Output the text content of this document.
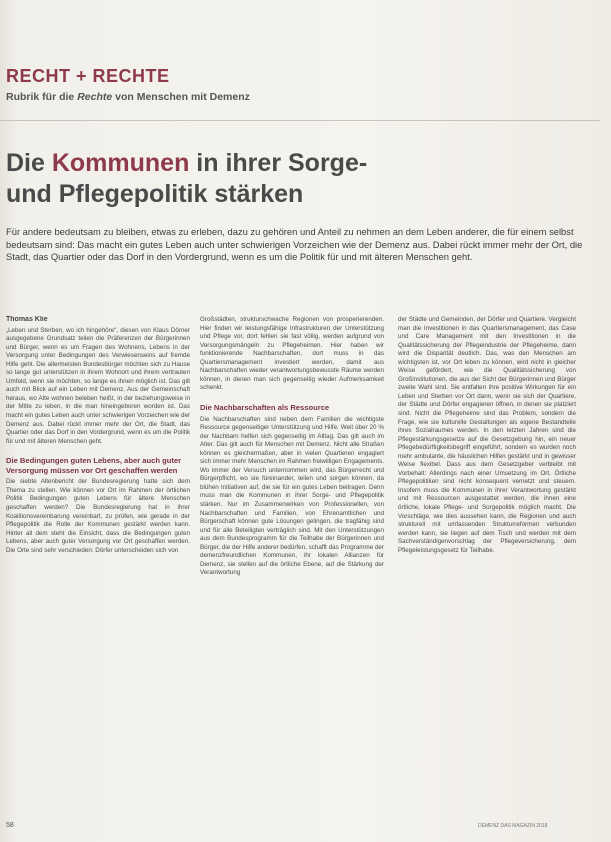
RECHT + RECHTE
Rubrik für die Rechte von Menschen mit Demenz
Die Kommunen in ihrer Sorge-
und Pflegepolitik stärken

Für andere bedeutsam zu bleiben, etwas zu erleben, dazu zu gehören und Anteil zu nehmen an dem Leben anderer, die für einem selbst bedeutsam sind: Das macht ein gutes Leben auch unter schwierigen Vorzeichen wie der Demenz aus. Dabei rückt immer mehr der Ort, die Stadt, das Quartier oder das Dorf in den Vordergrund, wenn es um die Politik für und mit älteren Menschen geht.

Thomas Klie

„Leben und Sterben, wo ich hingehöre“, diesen von Klaus Dörner ausgegebene Grundsatz teilen die Präferenzen der Bürgerinnen und Bürger, wenn es um Fragen des Wohnens, Lebens in der Versorgung unter Bedingungen des Verwiesenseins auf fremde Hilfe geht. Die allermeisten Bundesbürger möchten sich zu Hause so lange gut unterstützen in ihrem Wohnort und ihrem vertrauten Umfeld, wenn sie möchten, so lange es ihnen möglich ist. Das gilt auch mit Blick auf ein Leben mit Demenz. Aus der Gemeinschaft heraus, wo Alte wohnen beleben heißt, in der beziehungsweise in der Mitte zu leben, in die man hineingeboren worden ist. Das macht ein gutes Leben auch unter schwierigen Vorzeichen wie der Demenz aus. Dabei rückt immer mehr der Ort, die Stadt, das Quartier oder das Dorf in den Vordergrund, wenn es um die Politik für und mit älteren Menschen geht.

Die Bedingungen guten Lebens, aber auch guter Versorgung müssen vor Ort geschaffen werden

Die siebte Altenbericht der Bundesregierung hatte sich dem Thema zu stellen. Wie können vor Ort im Rahmen der örtlichen Politik Bedingungen guten Lebens für ältere Menschen geschaffen werden? Die Bundesregierung hat in ihrer Koalitionsvereinbarung vereinbart, zu prüfen, wie gerade in der Pflegepolitik die Rolle der Kommunen gestärkt werden kann. Hinter all dem steht die Einsicht, dass die Bedingungen guten Lebens, aber auch guter Versorgung vor Ort geschaffen werden. Die Orte sind sehr verschieden: Dörfer unterscheiden sich von

Großstädten, strukturschwache Regionen von prosperierenden. Hier finden wir leistungsfähige Infrastrukturen der Unterstützung und Pflege vor, dort fehlen sie fast völlig, werden aufgrund von Versorgungsmängeln zu Pflegeheimen. Hier haben wir funktionierende Nachbarschaften, dort muss in das Quartiersmanagement investiert werden, damit aus Nachbarschaften wieder verantwortungsbewusste Räume werden können, in denen man sich gegenseitig wieder Aufmerksamkeit schenkt.

Die Nachbarschaften als Ressource

Die Nachbarschaften sind neben dem Familien die wichtigste Ressource gegenseitiger Unterstützung und Hilfe. Weit über 20 % der Nachbarn helfen sich gegenseitig im Alltag. Das gilt auch im Alter. Das gilt auch für Menschen mit Demenz. Nicht alle Straßen können es gleichermaßen, aber in vielen Quartieren engagiert sich immer mehr Menschen im Rahmen freiwilligen Engagements. Wo immer der Versuch unternommen wird, das Bürgerrecht und Bürgerpflicht, wo sie füreinander, teilen und sorgen können, da blühen Initiativen auf, die sie für ein gutes Leben beitragen. Denn muss man die Kommunen in ihrer Sorge- und Pflegepolitik stärken. Nur im Zusammenwirken von Professionellen, von Nachbarschaften und Familien, von Ehrenamtlichen und Bürgerschaft können gute Lösungen gelingen, die tragfähig sind und für alle Beteiligten verträglich sind. Mit den Unterstützungen aus dem Bundesprogramm für die Teilhabe der Bürgerinnen und Bürger, die der Hilfe anderer bedürfen, schafft das Programme der demenzfreundlichen Kommunen, ihr lokalen Allianzen für Demenz, sie stellen auf die örtliche Ebene, auf die Stärkung der Verantwortung

der Städte und Gemeinden, der Dörfer und Quartiere. Vergleicht man die Investitionen in das Quartiersmanagement, das Case und Care Management mit den Investitionen in die Qualitätssicherung der Pflegeindustrie der Pflegeheime, dann wird die Disparität deutlich. Das, was den Menschen am wichtigsten ist, vor Ort leben zu können, wird nicht in gleicher Weise gefördert, wie die Qualitätssicherung von Großinstitutionen, die aus der Sicht der Bürgerinnen und Bürger zweite Wahl sind. Sie entfalten ihre positive Wirkungen für ein Leben und Sterben vor Ort dann, wenn sie sich der Quartiere, der Städte und Dörfer engagieren öffnen, in denen sie platziert sind. Nicht die Pflegeheime sind das Problem, sondern die Frage, wie sie kulturelle Gestaltungen als eigene Bestandteile ihres Sozialraumes werden. In den letzten Jahren sind die Pflegestärkungsgesetze auf die Gesetzgebung hin, ein neuer Pflegebedürftigkeitsbegriff eingeführt, sondern es wurden noch mehr ambulante, die häuslichen Hilfen gestärkt und in gewisser Weise flexibel. Dass aus dem Gesetzgeber verbleibt mit Vorbehalt: Allerdings nach einer Umsetzung im Ort. Örtliche Pflegepolitiken sind nicht konsequent vernetzt und steuern. Insofern muss die Kommunen in ihrer Verantwortung gestärkt und mit Ressourcen ausgestattet werden, die ihnen eine örtliche, lokale Pflege- und Sorgepolitik möglich macht. Die Vorschläge, wie dies aussehen kann, die Regionen und auch strukturell mit umfassenden Strukturreformen verbunden werden kann, sie liegen auf dem Tisch und werden mit dem Sachverständigenvorschlag der Pflegeversicherung, dem Pflegeleistungsgesetz für Teilhabe.

58	DEMENZ DAS MAGAZIN 2018
